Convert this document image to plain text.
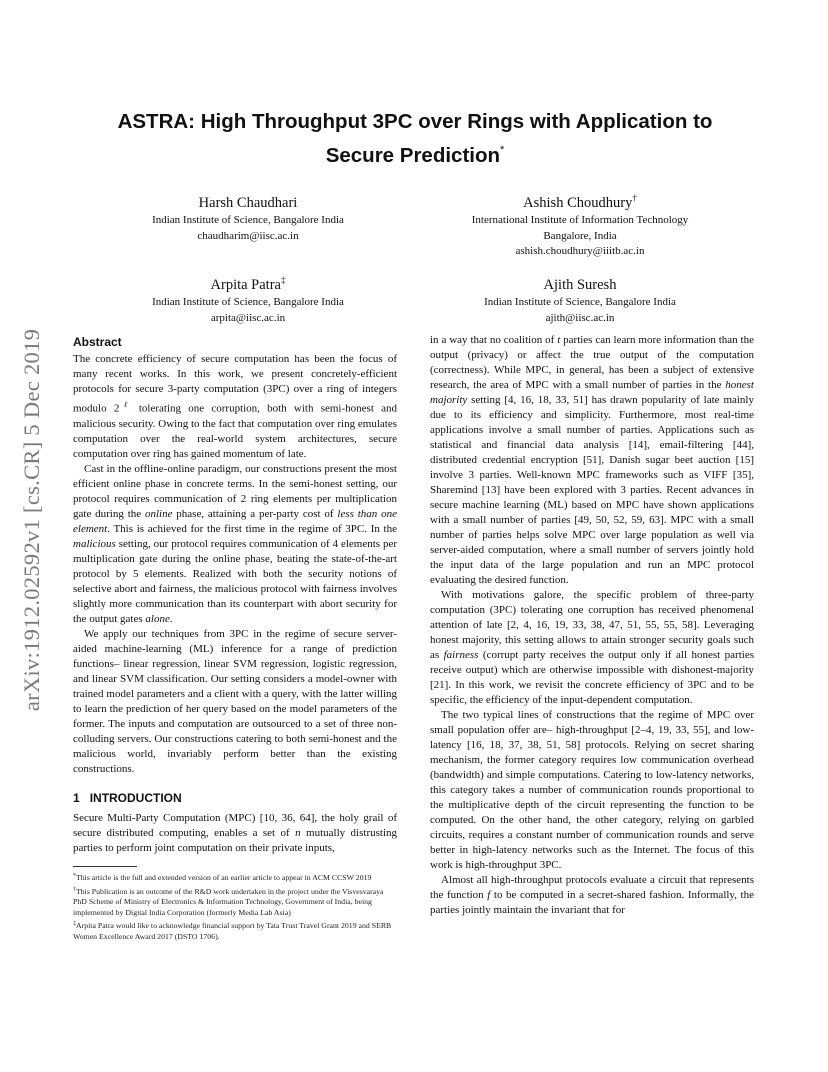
arXiv:1912.02592v1 [cs.CR] 5 Dec 2019
ASTRA: High Throughput 3PC over Rings with Application to Secure Prediction*
Harsh Chaudhari
Indian Institute of Science, Bangalore India
chaudharim@iisc.ac.in
Ashish Choudhury†
International Institute of Information Technology
Bangalore, India
ashish.choudhury@iiitb.ac.in
Arpita Patra‡
Indian Institute of Science, Bangalore India
arpita@iisc.ac.in
Ajith Suresh
Indian Institute of Science, Bangalore India
ajith@iisc.ac.in
Abstract

The concrete efficiency of secure computation has been the focus of many recent works. In this work, we present concretely-efficient protocols for secure 3-party computation (3PC) over a ring of integers modulo $2^\ell$ tolerating one corruption, both with semi-honest and malicious security. Owing to the fact that computation over ring emulates computation over the real-world system architectures, secure computation over ring has gained momentum of late.

Cast in the offline-online paradigm, our constructions present the most efficient online phase in concrete terms. In the semi-honest setting, our protocol requires communication of 2 ring elements per multiplication gate during the online phase, attaining a per-party cost of less than one element. This is achieved for the first time in the regime of 3PC. In the malicious setting, our protocol requires communication of 4 elements per multiplication gate during the online phase, beating the state-of-the-art protocol by 5 elements. Realized with both the security notions of selective abort and fairness, the malicious protocol with fairness involves slightly more communication than its counterpart with abort security for the output gates alone.

We apply our techniques from 3PC in the regime of secure server-aided machine-learning (ML) inference for a range of prediction functions– linear regression, linear SVM regression, logistic regression, and linear SVM classification. Our setting considers a model-owner with trained model parameters and a client with a query, with the latter willing to learn the prediction of her query based on the model parameters of the former. The inputs and computation are outsourced to a set of three non-colluding servers. Our constructions catering to both semi-honest and the malicious world, invariably perform better than the existing constructions.

1 INTRODUCTION

Secure Multi-Party Computation (MPC) [10, 36, 64], the holy grail of secure distributed computing, enables a set of n mutually distrusting parties to perform joint computation on their private inputs,

*This article is the full and extended version of an earlier article to appear in ACM CCSW 2019
†This Publication is an outcome of the R&D work undertaken in the project under the Visvesvaraya PhD Scheme of Ministry of Electronics & Information Technology, Government of India, being implemented by Digital India Corporation (formerly Media Lab Asia)
‡Arpita Patra would like to acknowledge financial support by Tata Trust Travel Grant 2019 and SERB Women Excellence Award 2017 (DSTO 1706).

in a way that no coalition of t parties can learn more information than the output (privacy) or affect the true output of the computation (correctness). While MPC, in general, has been a subject of extensive research, the area of MPC with a small number of parties in the honest majority setting [4, 16, 18, 33, 51] has drawn popularity of late mainly due to its efficiency and simplicity. Furthermore, most real-time applications involve a small number of parties. Applications such as statistical and financial data analysis [14], email-filtering [44], distributed credential encryption [51], Danish sugar beet auction [15] involve 3 parties. Well-known MPC frameworks such as VIFF [35], Sharemind [13] have been explored with 3 parties. Recent advances in secure machine learning (ML) based on MPC have shown applications with a small number of parties [49, 50, 52, 59, 63]. MPC with a small number of parties helps solve MPC over large population as well via server-aided computation, where a small number of servers jointly hold the input data of the large population and run an MPC protocol evaluating the desired function.

With motivations galore, the specific problem of three-party computation (3PC) tolerating one corruption has received phenomenal attention of late [2, 4, 16, 19, 33, 38, 47, 51, 55, 55, 58]. Leveraging honest majority, this setting allows to attain stronger security goals such as fairness (corrupt party receives the output only if all honest parties receive output) which are otherwise impossible with dishonest-majority [21]. In this work, we revisit the concrete efficiency of 3PC and to be specific, the efficiency of the input-dependent computation.

The two typical lines of constructions that the regime of MPC over small population offer are– high-throughput [2–4, 19, 33, 55], and low-latency [16, 18, 37, 38, 51, 58] protocols. Relying on secret sharing mechanism, the former category requires low communication overhead (bandwidth) and simple computations. Catering to low-latency networks, this category takes a number of communication rounds proportional to the multiplicative depth of the circuit representing the function to be computed. On the other hand, the other category, relying on garbled circuits, requires a constant number of communication rounds and serve better in high-latency networks such as the Internet. The focus of this work is high-throughput 3PC.

Almost all high-throughput protocols evaluate a circuit that represents the function f to be computed in a secret-shared fashion. Informally, the parties jointly maintain the invariant that for
